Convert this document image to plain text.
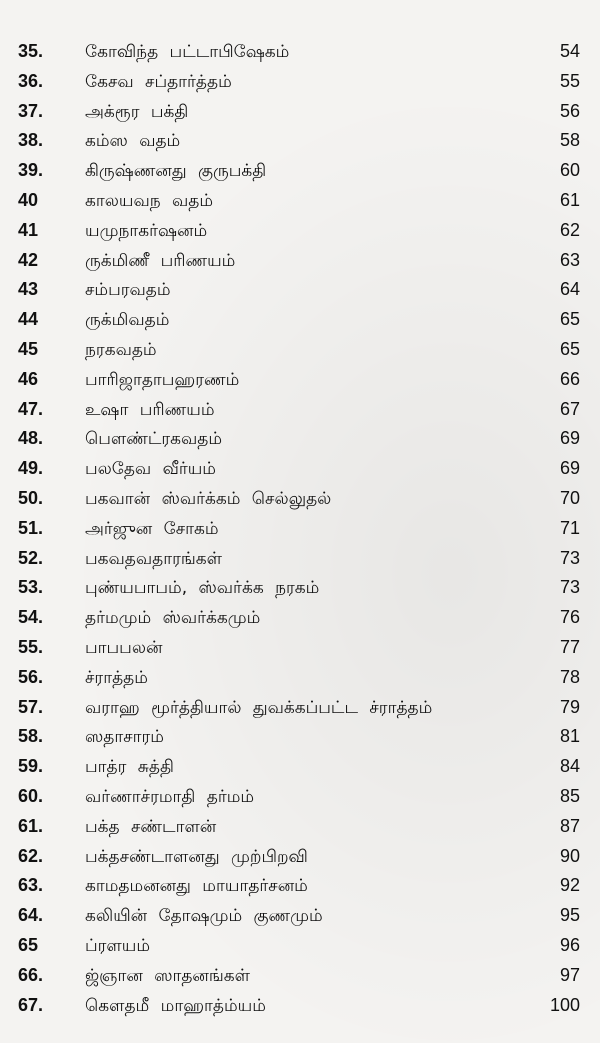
35.	கோவிந்த பட்டாபிஷேகம்	54
36.	கேசவ சப்தார்த்தம்	55
37.	அக்ரூர பக்தி	56
38.	கம்ஸ வதம்	58
39.	கிருஷ்ணனது குருபக்தி	60
40	காலயவந வதம்	61
41	யமுநாகர்ஷனம்	62
42	ருக்மிணீ பரிணயம்	63
43	சம்பரவதம்	64
44	ருக்மிவதம்	65
45	நரகவதம்	65
46	பாரிஜாதாபஹரணம்	66
47.	உஷா பரிணயம்	67
48.	பௌண்ட்ரகவதம்	69
49.	பலதேவ வீர்யம்	69
50.	பகவான் ஸ்வர்க்கம் செல்லுதல்	70
51.	அர்ஜுன சோகம்	71
52.	பகவதவதாரங்கள்	73
53.	புண்யபாபம், ஸ்வர்க்க நரகம்	73
54.	தர்மமும் ஸ்வர்க்கமும்	76
55.	பாபபலன்	77
56.	ச்ராத்தம்	78
57.	வராஹ மூர்த்தியால் துவக்கப்பட்ட ச்ராத்தம்	79
58.	ஸதாசாரம்	81
59.	பாத்ர சுத்தி	84
60.	வர்ணாச்ரமாதி தர்மம்	85
61.	பக்த சண்டாளன்	87
62.	பக்தசண்டாளனது முற்பிறவி	90
63.	காமதமனனது மாயாதர்சனம்	92
64.	கலியின் தோஷமும் குணமும்	95
65	ப்ரளயம்	96
66.	ஜ்ஞான ஸாதனங்கள்	97
67.	கௌதமீ மாஹாத்ம்யம்	100
